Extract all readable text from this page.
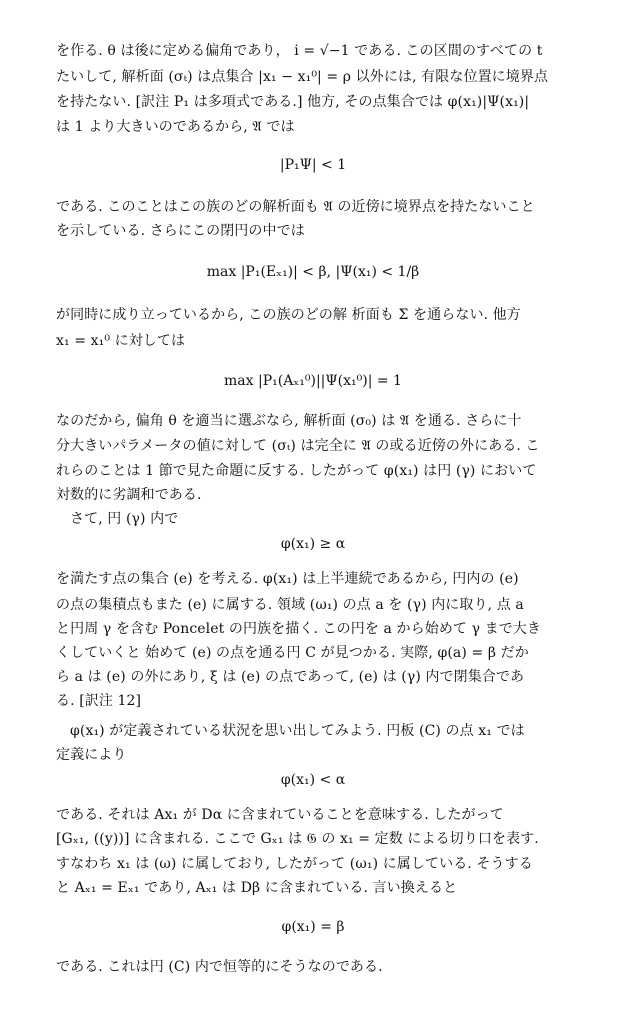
を作る. θ は後に定める偏角であり， i = √−1 である. この区間のすべての t
たいして, 解析面 (σₜ) は点集合 |x₁ − x₁⁰| = ρ 以外には, 有限な位置に境界点
を持たない. [訳注 P₁ は多項式である.] 他方, その点集合では φ(x₁)|Ψ(x₁)|
は 1 より大きいのであるから, 𝔄 では
|P₁Ψ| < 1
である. このことはこの族のどの解析面も 𝔄 の近傍に境界点を持たないこと
を示している. さらにこの閉円の中では
max |P₁(Eₓ₁)| < β, |Ψ(x₁) < 1/β
が同時に成り立っているから, この族のどの解 析面も Σ を通らない. 他方
x₁ = x₁⁰ に対しては
max |P₁(Aₓ₁⁰)||Ψ(x₁⁰)| = 1
なのだから, 偏角 θ を適当に選ぶなら, 解析面 (σ₀) は 𝔄 を通る. さらに十
分大きいパラメータの値に対して (σₜ) は完全に 𝔄 の或る近傍の外にある. こ
れらのことは 1 節で見た命題に反する. したがって φ(x₁) は円 (γ) において
対数的に劣調和である.
さて, 円 (γ) 内で
φ(x₁) ≥ α
を満たす点の集合 (e) を考える. φ(x₁) は上半連続であるから, 円内の (e)
の点の集積点もまた (e) に属する. 領域 (ω₁) の点 a を (γ) 内に取り, 点 a
と円周 γ を含む Poncelet の円族を描く. この円を a から始めて γ まで大き
くしていくと 始めて (e) の点を通る円 C が見つかる. 実際, φ(a) = β だか
ら a は (e) の外にあり, ξ は (e) の点であって, (e) は (γ) 内で閉集合であ
る. [訳注 12]
φ(x₁) が定義されている状況を思い出してみよう. 円板 (C) の点 x₁ では
定義により
φ(x₁) < α
である. それは Ax₁ が Dα に含まれていることを意味する. したがって
[Gₓ₁, ((y))] に含まれる. ここで Gₓ₁ は 𝔊 の x₁ = 定数 による切り口を表す.
すなわち x₁ は (ω) に属しており, したがって (ω₁) に属している. そうする
と Aₓ₁ = Eₓ₁ であり, Aₓ₁ は Dβ に含まれている. 言い換えると
φ(x₁) = β
である. これは円 (C) 内で恒等的にそうなのである.
